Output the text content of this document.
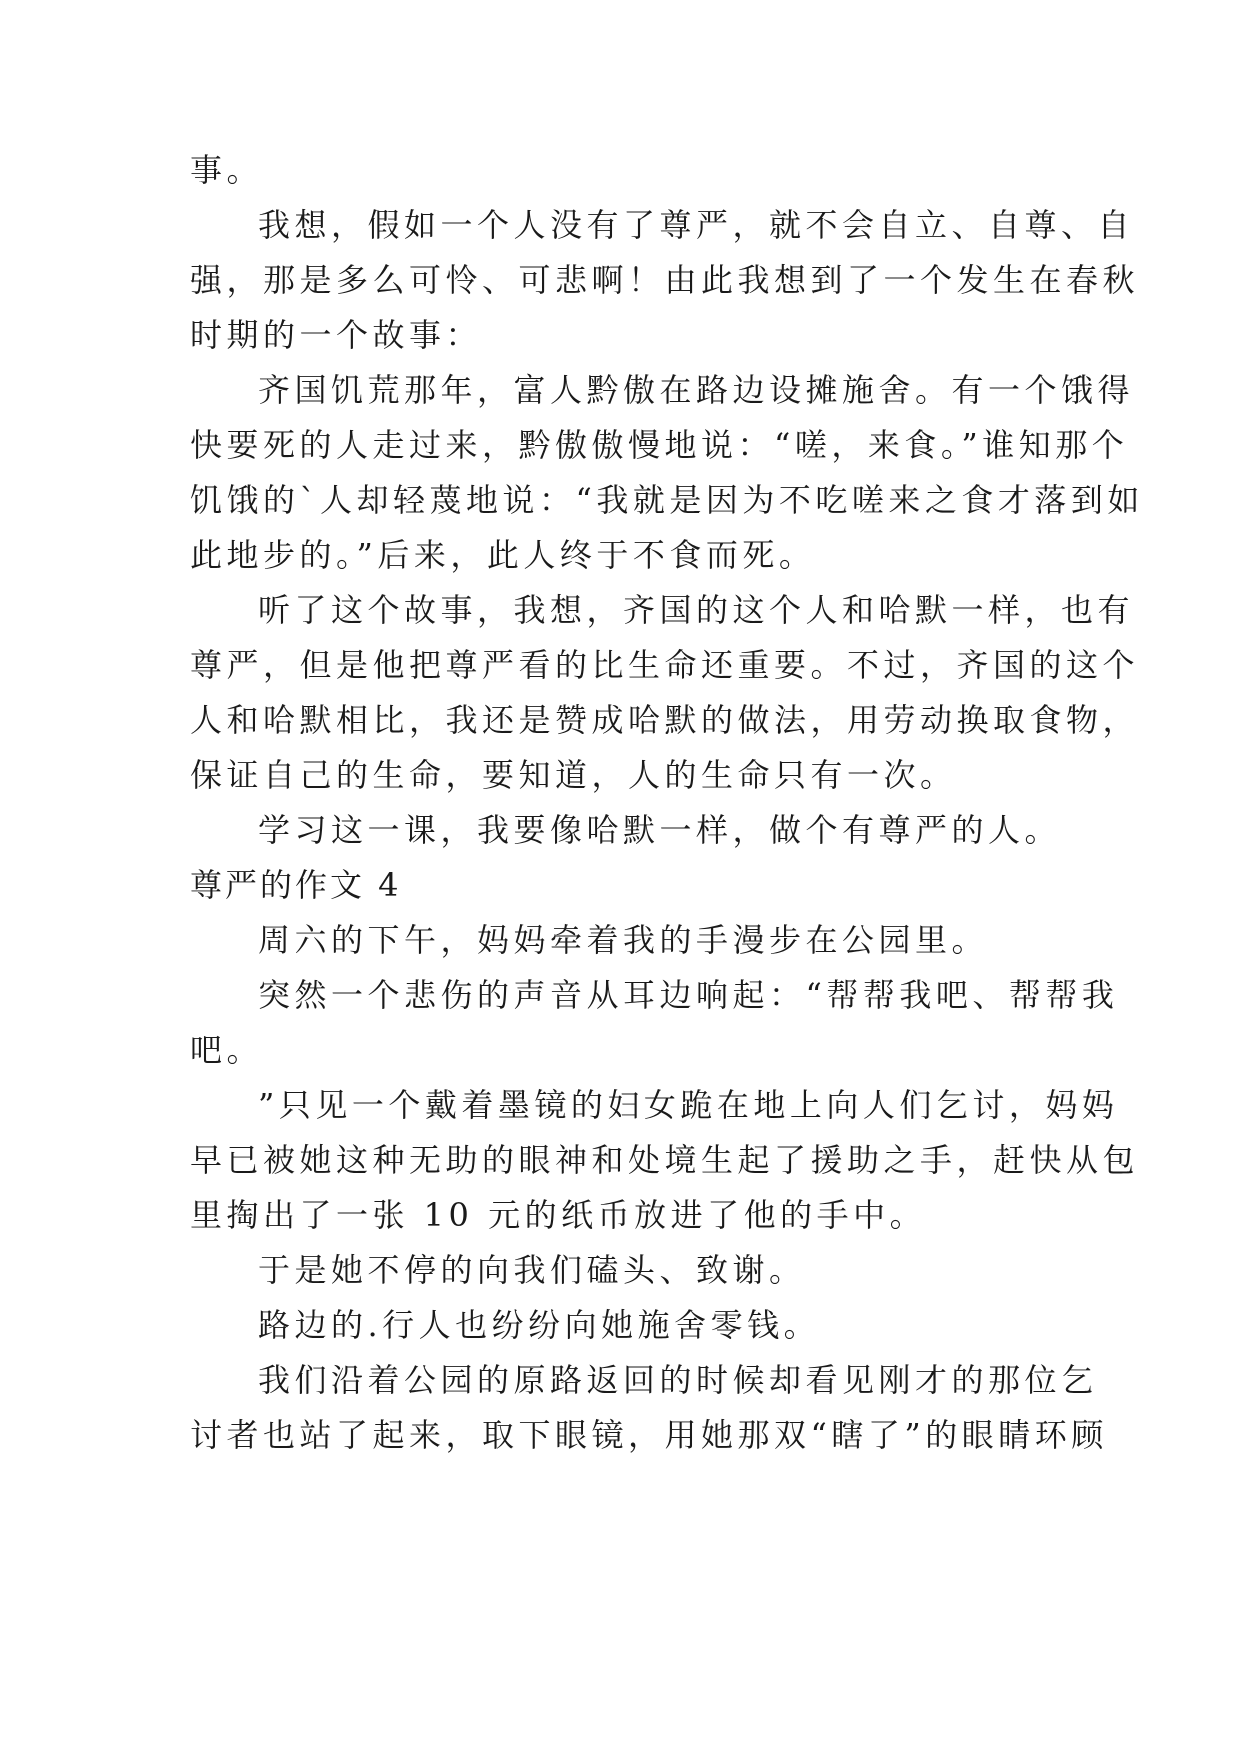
事。
我想，假如一个人没有了尊严，就不会自立、自尊、自
强，那是多么可怜、可悲啊！由此我想到了一个发生在春秋
时期的一个故事：
齐国饥荒那年，富人黔傲在路边设摊施舍。有一个饿得
快要死的人走过来，黔傲傲慢地说：“嗟，来食。”谁知那个
饥饿的`人却轻蔑地说：“我就是因为不吃嗟来之食才落到如
此地步的。”后来，此人终于不食而死。
听了这个故事，我想，齐国的这个人和哈默一样，也有
尊严，但是他把尊严看的比生命还重要。不过，齐国的这个
人和哈默相比，我还是赞成哈默的做法，用劳动换取食物，
保证自己的生命，要知道，人的生命只有一次。
学习这一课，我要像哈默一样，做个有尊严的人。
尊严的作文 4
周六的下午，妈妈牵着我的手漫步在公园里。
突然一个悲伤的声音从耳边响起：“帮帮我吧、帮帮我
吧。
”只见一个戴着墨镜的妇女跪在地上向人们乞讨，妈妈
早已被她这种无助的眼神和处境生起了援助之手，赶快从包
里掏出了一张 10 元的纸币放进了他的手中。
于是她不停的向我们磕头、致谢。
路边的.行人也纷纷向她施舍零钱。
我们沿着公园的原路返回的时候却看见刚才的那位乞
讨者也站了起来，取下眼镜，用她那双“瞎了”的眼睛环顾
